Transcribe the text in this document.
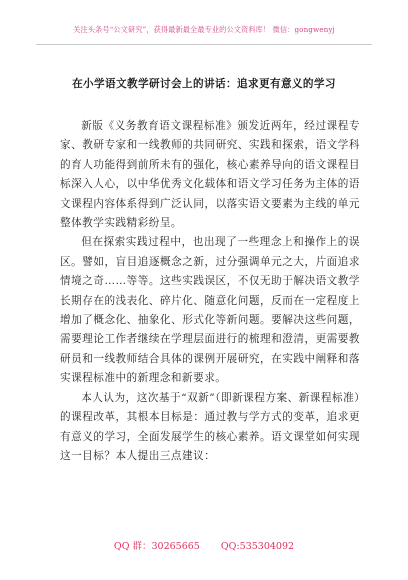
关注头条号“公文研究”，获得最新最全最专业的公文资料库！ 微信：gongwenyj
在小学语文教学研讨会上的讲话：追求更有意义的学习

新版《义务教育语文课程标准》颁发近两年，经过课程专家、教研专家和一线教师的共同研究、实践和探索，语文学科的育人功能得到前所未有的强化，核心素养导向的语文课程目标深入人心，以中华优秀文化载体和语文学习任务为主体的语文课程内容体系得到广泛认同，以落实语文要素为主线的单元整体教学实践精彩纷呈。

但在探索实践过程中，也出现了一些理念上和操作上的误区。譬如，盲目追逐概念之新，过分强调单元之大，片面追求情境之奇……等等。这些实践误区，不仅无助于解决语文教学长期存在的浅表化、碎片化、随意化问题，反而在一定程度上增加了概念化、抽象化、形式化等新问题。要解决这些问题，需要理论工作者继续在学理层面进行的梳理和澄清，更需要教研员和一线教师结合具体的课例开展研究，在实践中阐释和落实课程标准中的新理念和新要求。

本人认为，这次基于“双新”（即新课程方案、新课程标准）的课程改革，其根本目标是：通过教与学方式的变革，追求更有意义的学习，全面发展学生的核心素养。语文课堂如何实现这一目标？本人提出三点建议：

QQ 群：30265665 QQ:535304092
